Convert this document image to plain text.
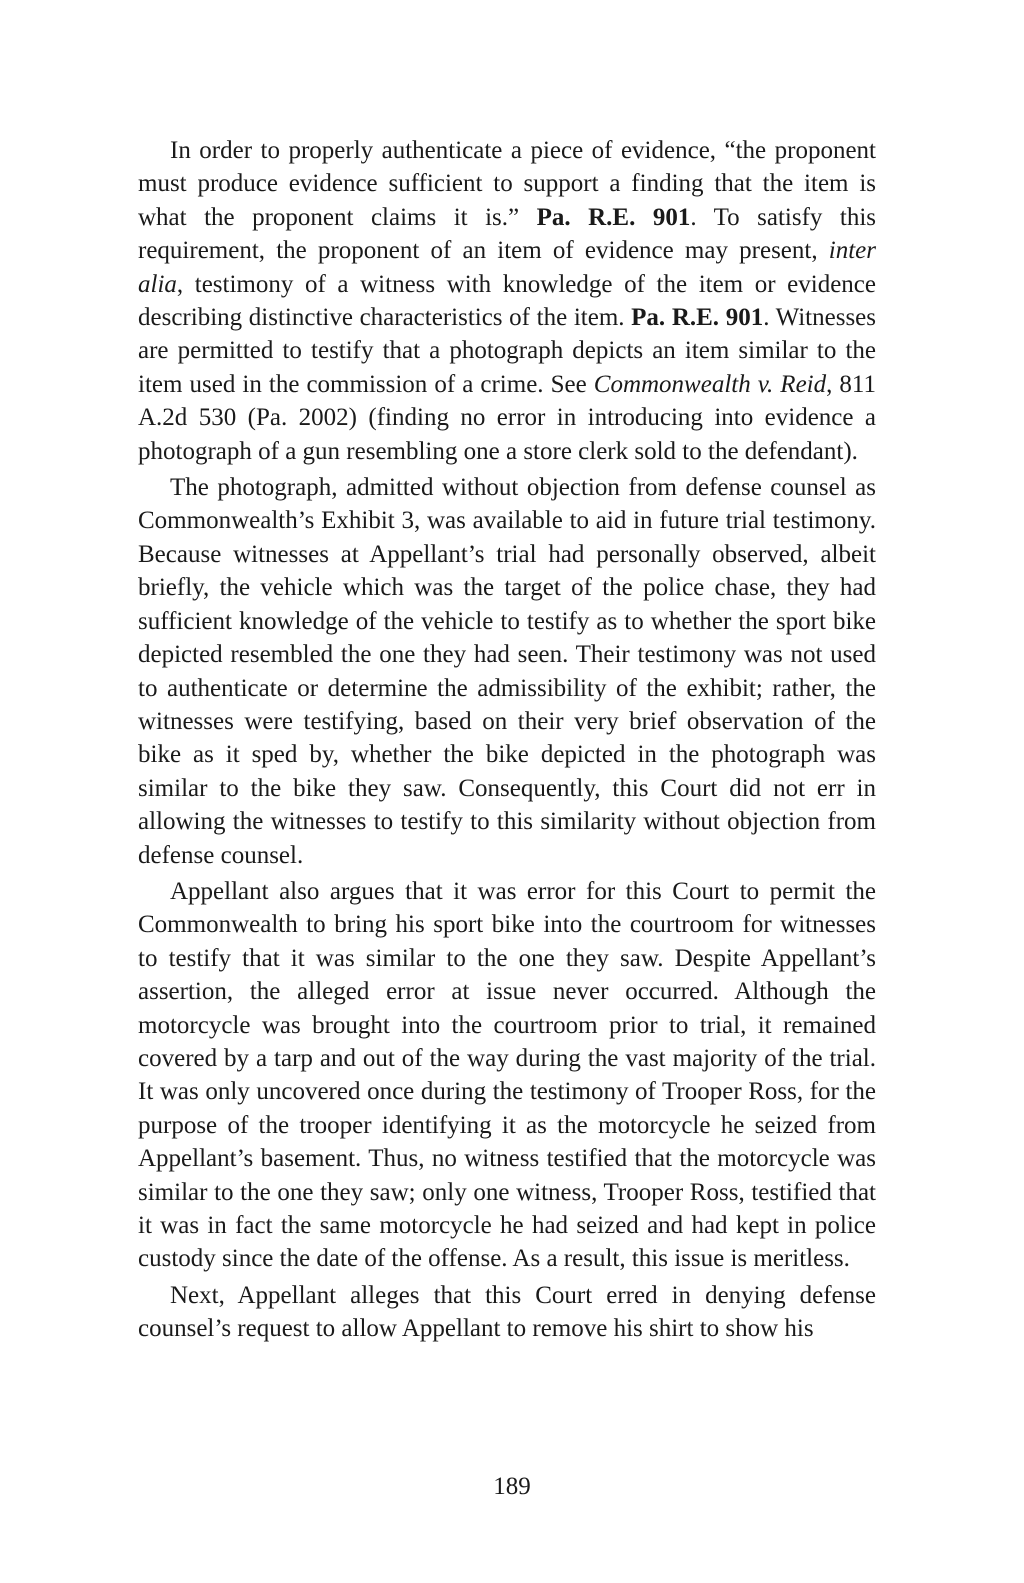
In order to properly authenticate a piece of evidence, “the proponent must produce evidence sufficient to support a finding that the item is what the proponent claims it is.” Pa. R.E. 901. To satisfy this requirement, the proponent of an item of evidence may present, inter alia, testimony of a witness with knowledge of the item or evidence describing distinctive characteristics of the item. Pa. R.E. 901. Witnesses are permitted to testify that a photograph depicts an item similar to the item used in the commission of a crime. See Commonwealth v. Reid, 811 A.2d 530 (Pa. 2002) (finding no error in introducing into evidence a photograph of a gun resembling one a store clerk sold to the defendant).

The photograph, admitted without objection from defense counsel as Commonwealth’s Exhibit 3, was available to aid in future trial testimony. Because witnesses at Appellant’s trial had personally observed, albeit briefly, the vehicle which was the target of the police chase, they had sufficient knowledge of the vehicle to testify as to whether the sport bike depicted resembled the one they had seen. Their testimony was not used to authenticate or determine the admissibility of the exhibit; rather, the witnesses were testifying, based on their very brief observation of the bike as it sped by, whether the bike depicted in the photograph was similar to the bike they saw. Consequently, this Court did not err in allowing the witnesses to testify to this similarity without objection from defense counsel.

Appellant also argues that it was error for this Court to permit the Commonwealth to bring his sport bike into the courtroom for witnesses to testify that it was similar to the one they saw. Despite Appellant’s assertion, the alleged error at issue never occurred. Although the motorcycle was brought into the courtroom prior to trial, it remained covered by a tarp and out of the way during the vast majority of the trial. It was only uncovered once during the testimony of Trooper Ross, for the purpose of the trooper identifying it as the motorcycle he seized from Appellant’s basement. Thus, no witness testified that the motorcycle was similar to the one they saw; only one witness, Trooper Ross, testified that it was in fact the same motorcycle he had seized and had kept in police custody since the date of the offense. As a result, this issue is meritless.

Next, Appellant alleges that this Court erred in denying defense counsel’s request to allow Appellant to remove his shirt to show his

189
